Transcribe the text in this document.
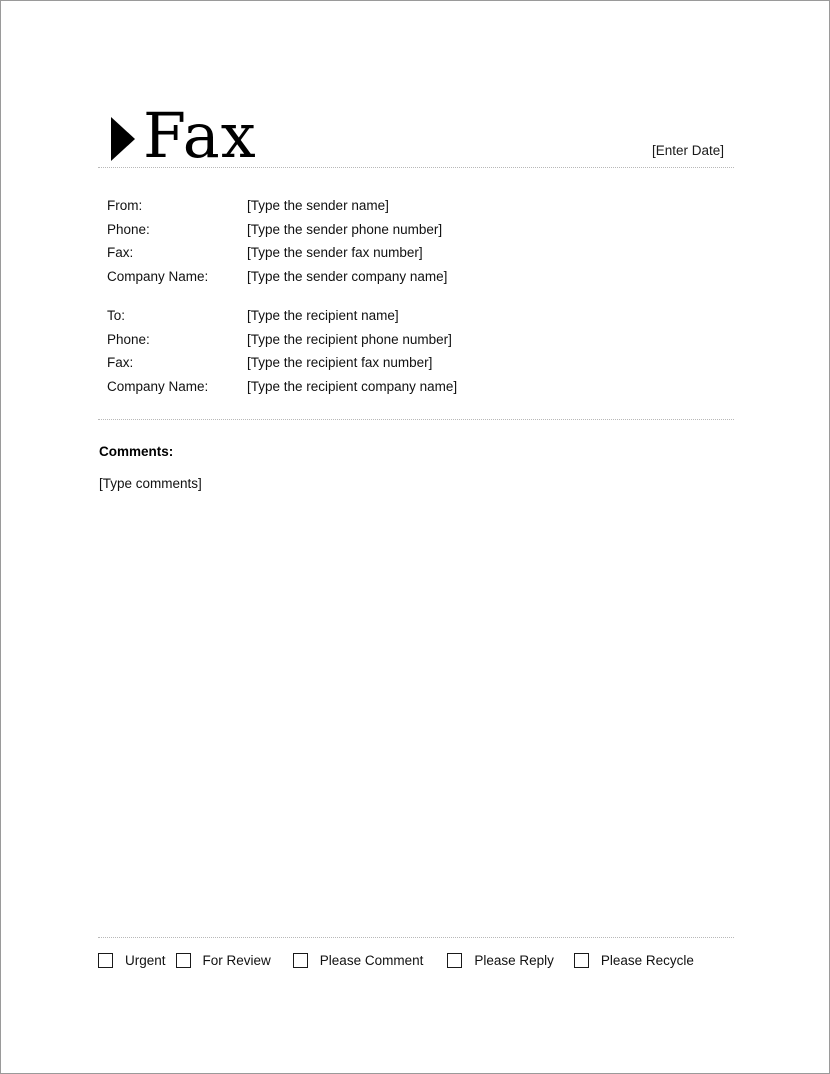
Fax	[Enter Date]
From:	[Type the sender name]
Phone:	[Type the sender phone number]
Fax:	[Type the sender fax number]
Company Name:	[Type the sender company name]
To:	[Type the recipient name]
Phone:	[Type the recipient phone number]
Fax:	[Type the recipient fax number]
Company Name:	[Type the recipient company name]
Comments:
[Type comments]
Urgent	For Review	Please Comment	Please Reply	Please Recycle
